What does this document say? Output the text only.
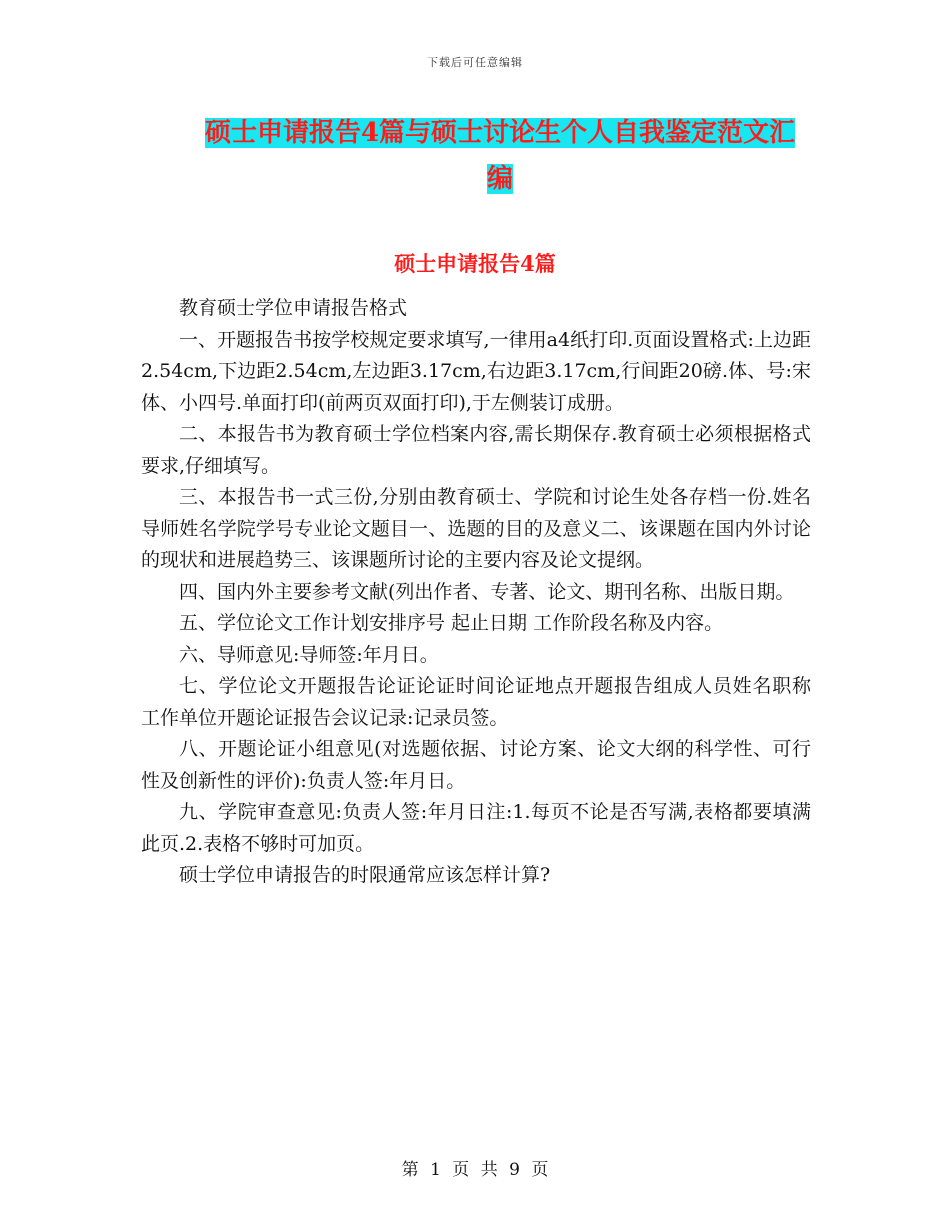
下载后可任意编辑
硕士申请报告4篇与硕士讨论生个人自我鉴定范文汇编
硕士申请报告4篇

教育硕士学位申请报告格式

一、开题报告书按学校规定要求填写,一律用a4纸打印.页面设置格式:上边距2.54cm,下边距2.54cm,左边距3.17cm,右边距3.17cm,行间距20磅.体、号:宋体、小四号.单面打印(前两页双面打印),于左侧装订成册。

二、本报告书为教育硕士学位档案内容,需长期保存.教育硕士必须根据格式要求,仔细填写。

三、本报告书一式三份,分别由教育硕士、学院和讨论生处各存档一份.姓名导师姓名学院学号专业论文题目一、选题的目的及意义二、该课题在国内外讨论的现状和进展趋势三、该课题所讨论的主要内容及论文提纲。

四、国内外主要参考文献(列出作者、专著、论文、期刊名称、出版日期。

五、学位论文工作计划安排序号 起止日期 工作阶段名称及内容。

六、导师意见:导师签:年月日。

七、学位论文开题报告论证论证时间论证地点开题报告组成人员姓名职称 工作单位开题论证报告会议记录:记录员签。

八、开题论证小组意见(对选题依据、讨论方案、论文大纲的科学性、可行性及创新性的评价):负责人签:年月日。

九、学院审查意见:负责人签:年月日注:1.每页不论是否写满,表格都要填满此页.2.表格不够时可加页。

硕士学位申请报告的时限通常应该怎样计算?

第 1 页 共 9 页
